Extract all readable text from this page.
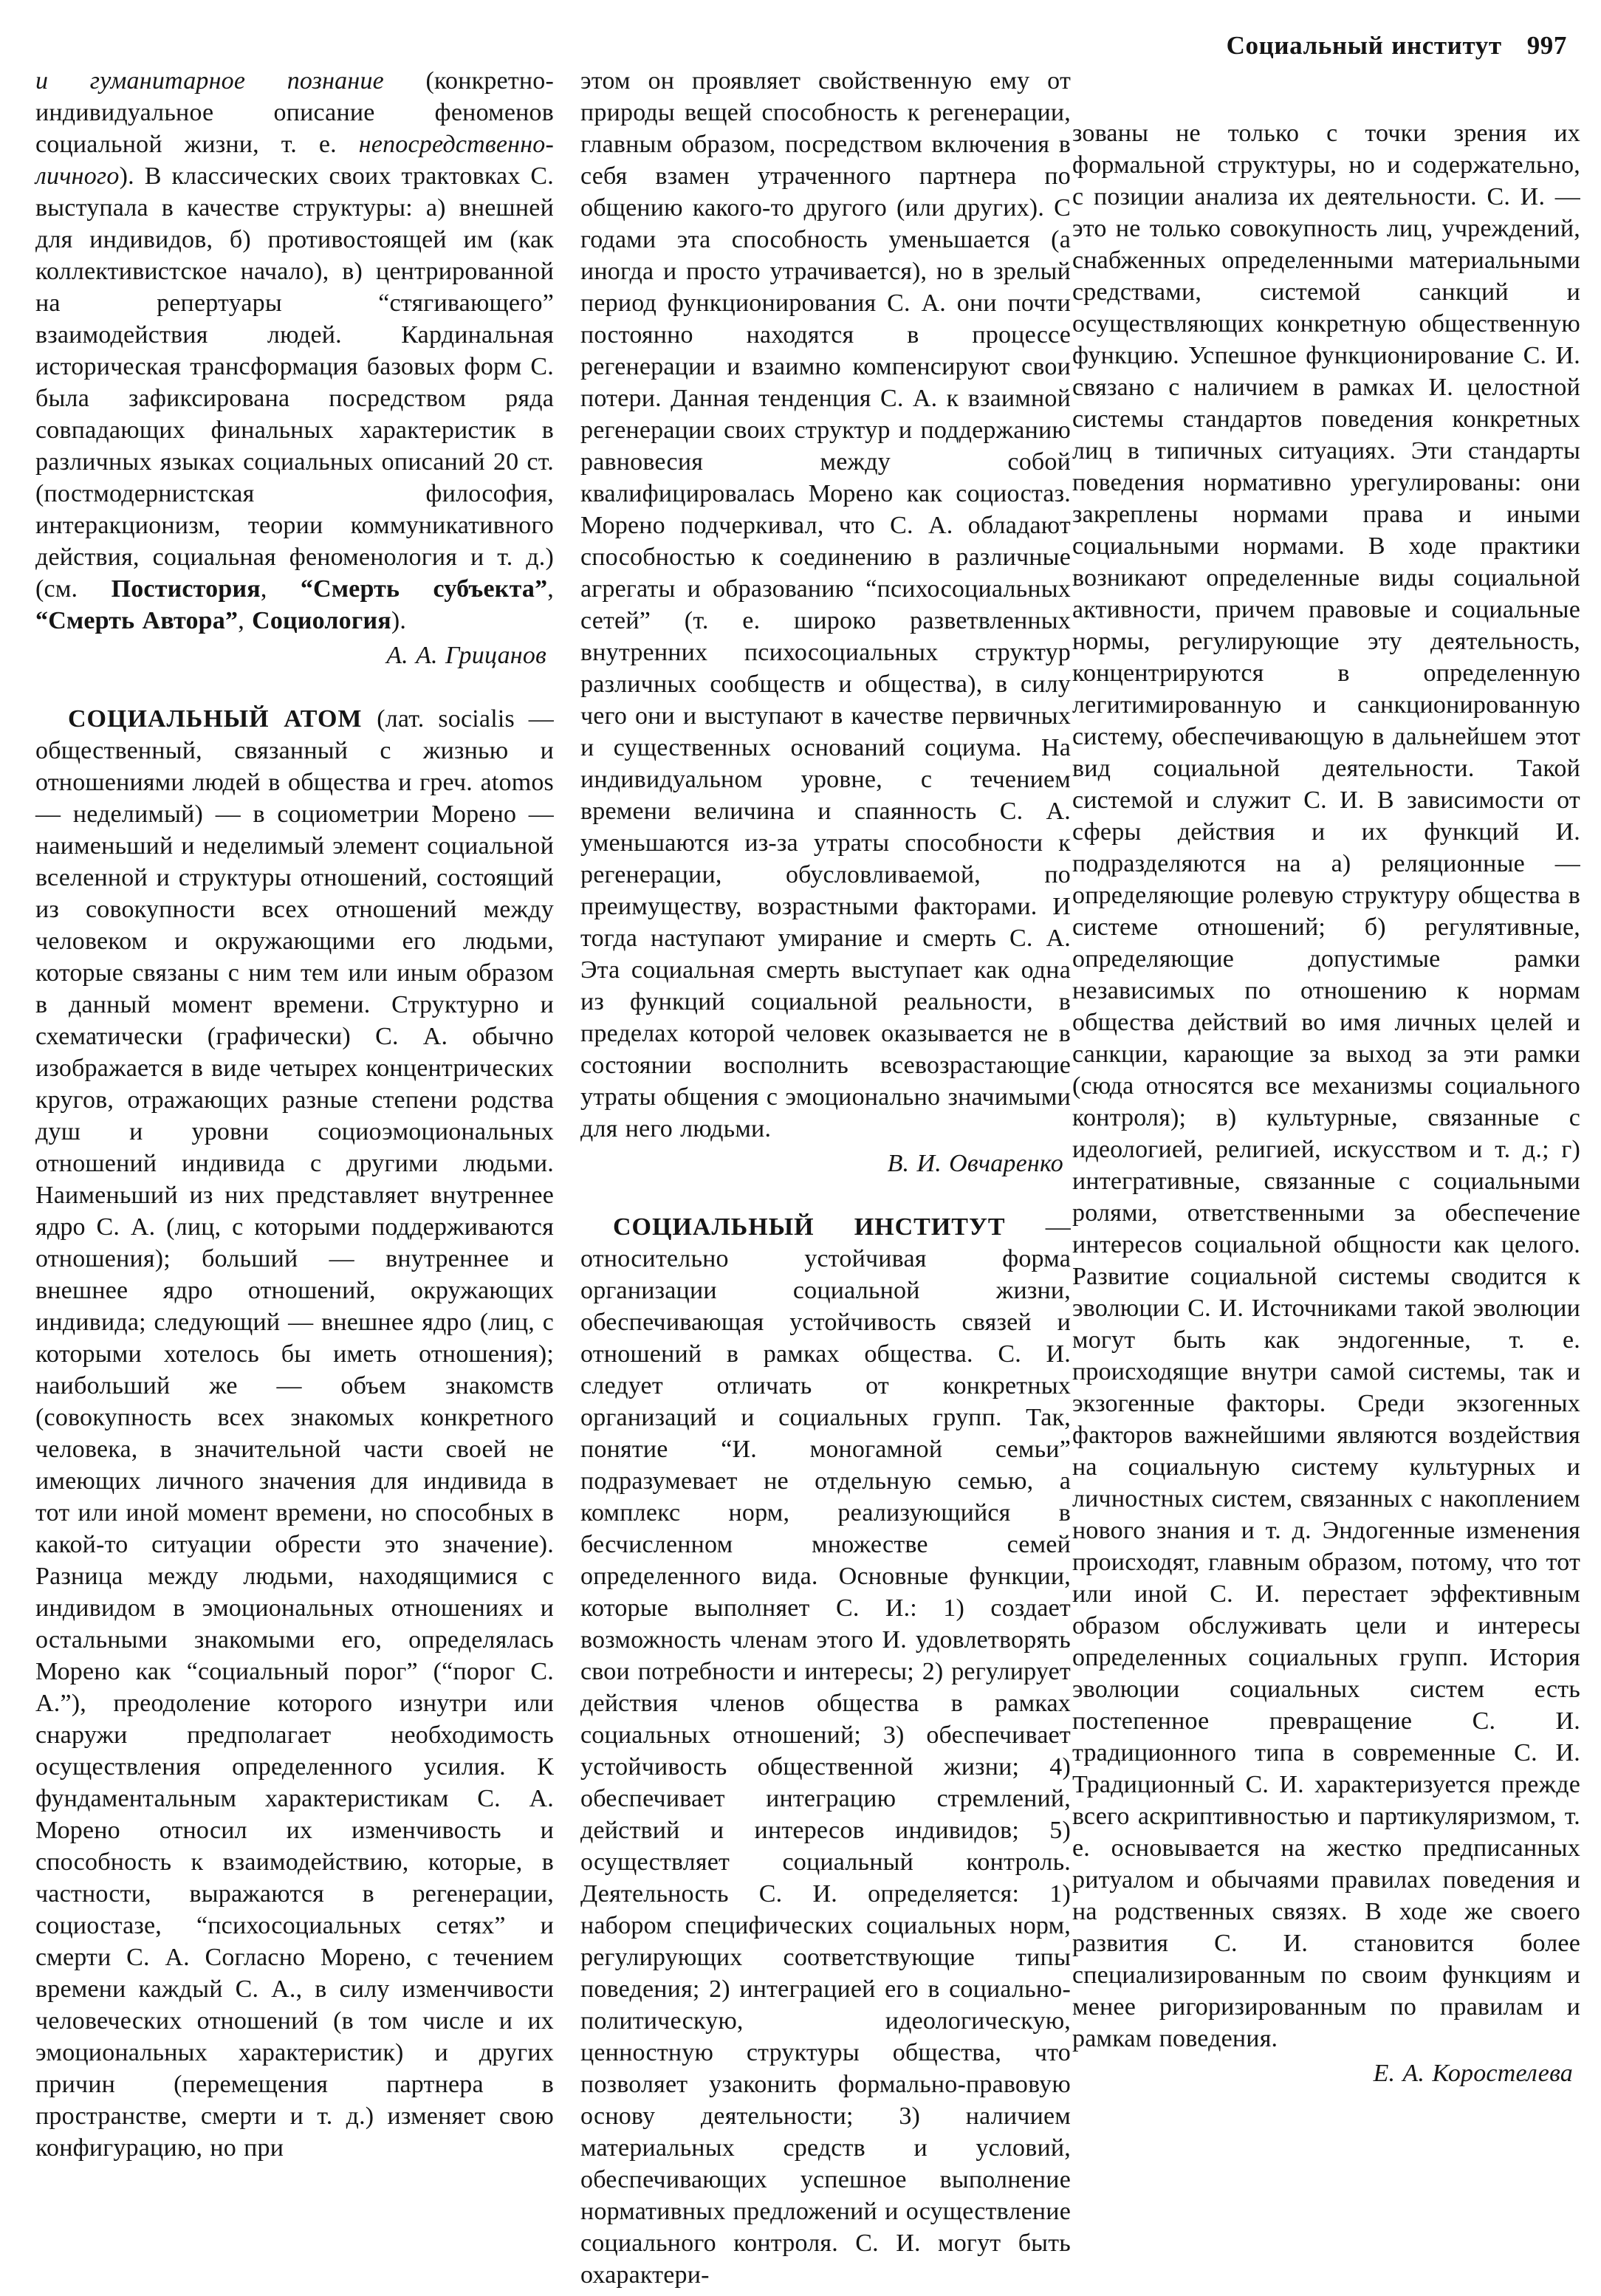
и гуманитарное познание (конкретно-индивидуальное описание феноменов социальной жизни, т. е. непосредственно-личного). В классических своих трактовках С. выступала в качестве структуры: а) внешней для индивидов, б) противостоящей им (как коллективистское начало), в) центрированной на репертуары “стягивающего” взаимодействия людей. Кардинальная историческая трансформация базовых форм С. была зафиксирована посредством ряда совпадающих финальных характеристик в различных языках социальных описаний 20 ст. (постмодернистская философия, интеракционизм, теории коммуникативного действия, социальная феноменология и т. д.) (см. Постистория, “Смерть субъекта”, “Смерть Автора”, Социология).

А. А. Грицанов

СОЦИАЛЬНЫЙ АТОМ (лат. socialis — общественный, связанный с жизнью и отношениями людей в общества и греч. atomos — неделимый) — в социометрии Морено — наименьший и неделимый элемент социальной вселенной и структуры отношений, состоящий из совокупности всех отношений между человеком и окружающими его людьми, которые связаны с ним тем или иным образом в данный момент времени. Структурно и схематически (графически) С. А. обычно изображается в виде четырех концентрических кругов, отражающих разные степени родства душ и уровни социоэмоциональных отношений индивида с другими людьми. Наименьший из них представляет внутреннее ядро С. А. (лиц, с которыми поддерживаются отношения); больший — внутреннее и внешнее ядро отношений, окружающих индивида; следующий — внешнее ядро (лиц, с которыми хотелось бы иметь отношения); наибольший же — объем знакомств (совокупность всех знакомых конкретного человека, в значительной части своей не имеющих личного значения для индивида в тот или иной момент времени, но способных в какой-то ситуации обрести это значение). Разница между людьми, находящимися с индивидом в эмоциональных отношениях и остальными знакомыми его, определялась Морено как “социальный порог” (“порог С. А.”), преодоление которого изнутри или снаружи предполагает необходимость осуществления определенного усилия. К фундаментальным характеристикам С. А. Морено относил их изменчивость и способность к взаимодействию, которые, в частности, выражаются в регенерации, социостазе, “психосоциальных сетях” и смерти С. А. Согласно Морено, с течением времени каждый С. А., в силу изменчивости человеческих отношений (в том числе и их эмоциональных характеристик) и других причин (перемещения партнера в пространстве, смерти и т. д.) изменяет свою конфигурацию, но при

этом он проявляет свойственную ему от природы вещей способность к регенерации, главным образом, посредством включения в себя взамен утраченного партнера по общению какого-то другого (или других). С годами эта способность уменьшается (а иногда и просто утрачивается), но в зрелый период функционирования С. А. они почти постоянно находятся в процессе регенерации и взаимно компенсируют свои потери. Данная тенденция С. А. к взаимной регенерации своих структур и поддержанию равновесия между собой квалифицировалась Морено как социостаз. Морено подчеркивал, что С. А. обладают способностью к соединению в различные агрегаты и образованию “психосоциальных сетей” (т. е. широко разветвленных внутренних психосоциальных структур различных сообществ и общества), в силу чего они и выступают в качестве первичных и существенных оснований социума. На индивидуальном уровне, с течением времени величина и спаянность С. А. уменьшаются из-за утраты способности к регенерации, обусловливаемой, по преимуществу, возрастными факторами. И тогда наступают умирание и смерть С. А. Эта социальная смерть выступает как одна из функций социальной реальности, в пределах которой человек оказывается не в состоянии восполнить всевозрастающие утраты общения с эмоционально значимыми для него людьми.

В. И. Овчаренко

СОЦИАЛЬНЫЙ ИНСТИТУТ — относительно устойчивая форма организации социальной жизни, обеспечивающая устойчивость связей и отношений в рамках общества. С. И. следует отличать от конкретных организаций и социальных групп. Так, понятие “И. моногамной семьи” подразумевает не отдельную семью, а комплекс норм, реализующийся в бесчисленном множестве семей определенного вида. Основные функции, которые выполняет С. И.: 1) создает возможность членам этого И. удовлетворять свои потребности и интересы; 2) регулирует действия членов общества в рамках социальных отношений; 3) обеспечивает устойчивость общественной жизни; 4) обеспечивает интеграцию стремлений, действий и интересов индивидов; 5) осуществляет социальный контроль. Деятельность С. И. определяется: 1) набором специфических социальных норм, регулирующих соответствующие типы поведения; 2) интеграцией его в социально-политическую, идеологическую, ценностную структуры общества, что позволяет узаконить формально-правовую основу деятельности; 3) наличием материальных средств и условий, обеспечивающих успешное выполнение нормативных предложений и осуществление социального контроля. С. И. могут быть охарактери-

Социальный институт 997

зованы не только с точки зрения их формальной структуры, но и содержательно, с позиции анализа их деятельности. С. И. — это не только совокупность лиц, учреждений, снабженных определенными материальными средствами, системой санкций и осуществляющих конкретную общественную функцию. Успешное функционирование С. И. связано с наличием в рамках И. целостной системы стандартов поведения конкретных лиц в типичных ситуациях. Эти стандарты поведения нормативно урегулированы: они закреплены нормами права и иными социальными нормами. В ходе практики возникают определенные виды социальной активности, причем правовые и социальные нормы, регулирующие эту деятельность, концентрируются в определенную легитимированную и санкционированную систему, обеспечивающую в дальнейшем этот вид социальной деятельности. Такой системой и служит С. И. В зависимости от сферы действия и их функций И. подразделяются на а) реляционные — определяющие ролевую структуру общества в системе отношений; б) регулятивные, определяющие допустимые рамки независимых по отношению к нормам общества действий во имя личных целей и санкции, карающие за выход за эти рамки (сюда относятся все механизмы социального контроля); в) культурные, связанные с идеологией, религией, искусством и т. д.; г) интегративные, связанные с социальными ролями, ответственными за обеспечение интересов социальной общности как целого. Развитие социальной системы сводится к эволюции С. И. Источниками такой эволюции могут быть как эндогенные, т. е. происходящие внутри самой системы, так и экзогенные факторы. Среди экзогенных факторов важнейшими являются воздействия на социальную систему культурных и личностных систем, связанных с накоплением нового знания и т. д. Эндогенные изменения происходят, главным образом, потому, что тот или иной С. И. перестает эффективным образом обслуживать цели и интересы определенных социальных групп. История эволюции социальных систем есть постепенное превращение С. И. традиционного типа в современные С. И. Традиционный С. И. характеризуется прежде всего аскриптивностью и партикуляризмом, т. е. основывается на жестко предписанных ритуалом и обычаями правилах поведения и на родственных связях. В ходе же своего развития С. И. становится более специализированным по своим функциям и менее ригоризированным по правилам и рамкам поведения.

Е. А. Коростелева
